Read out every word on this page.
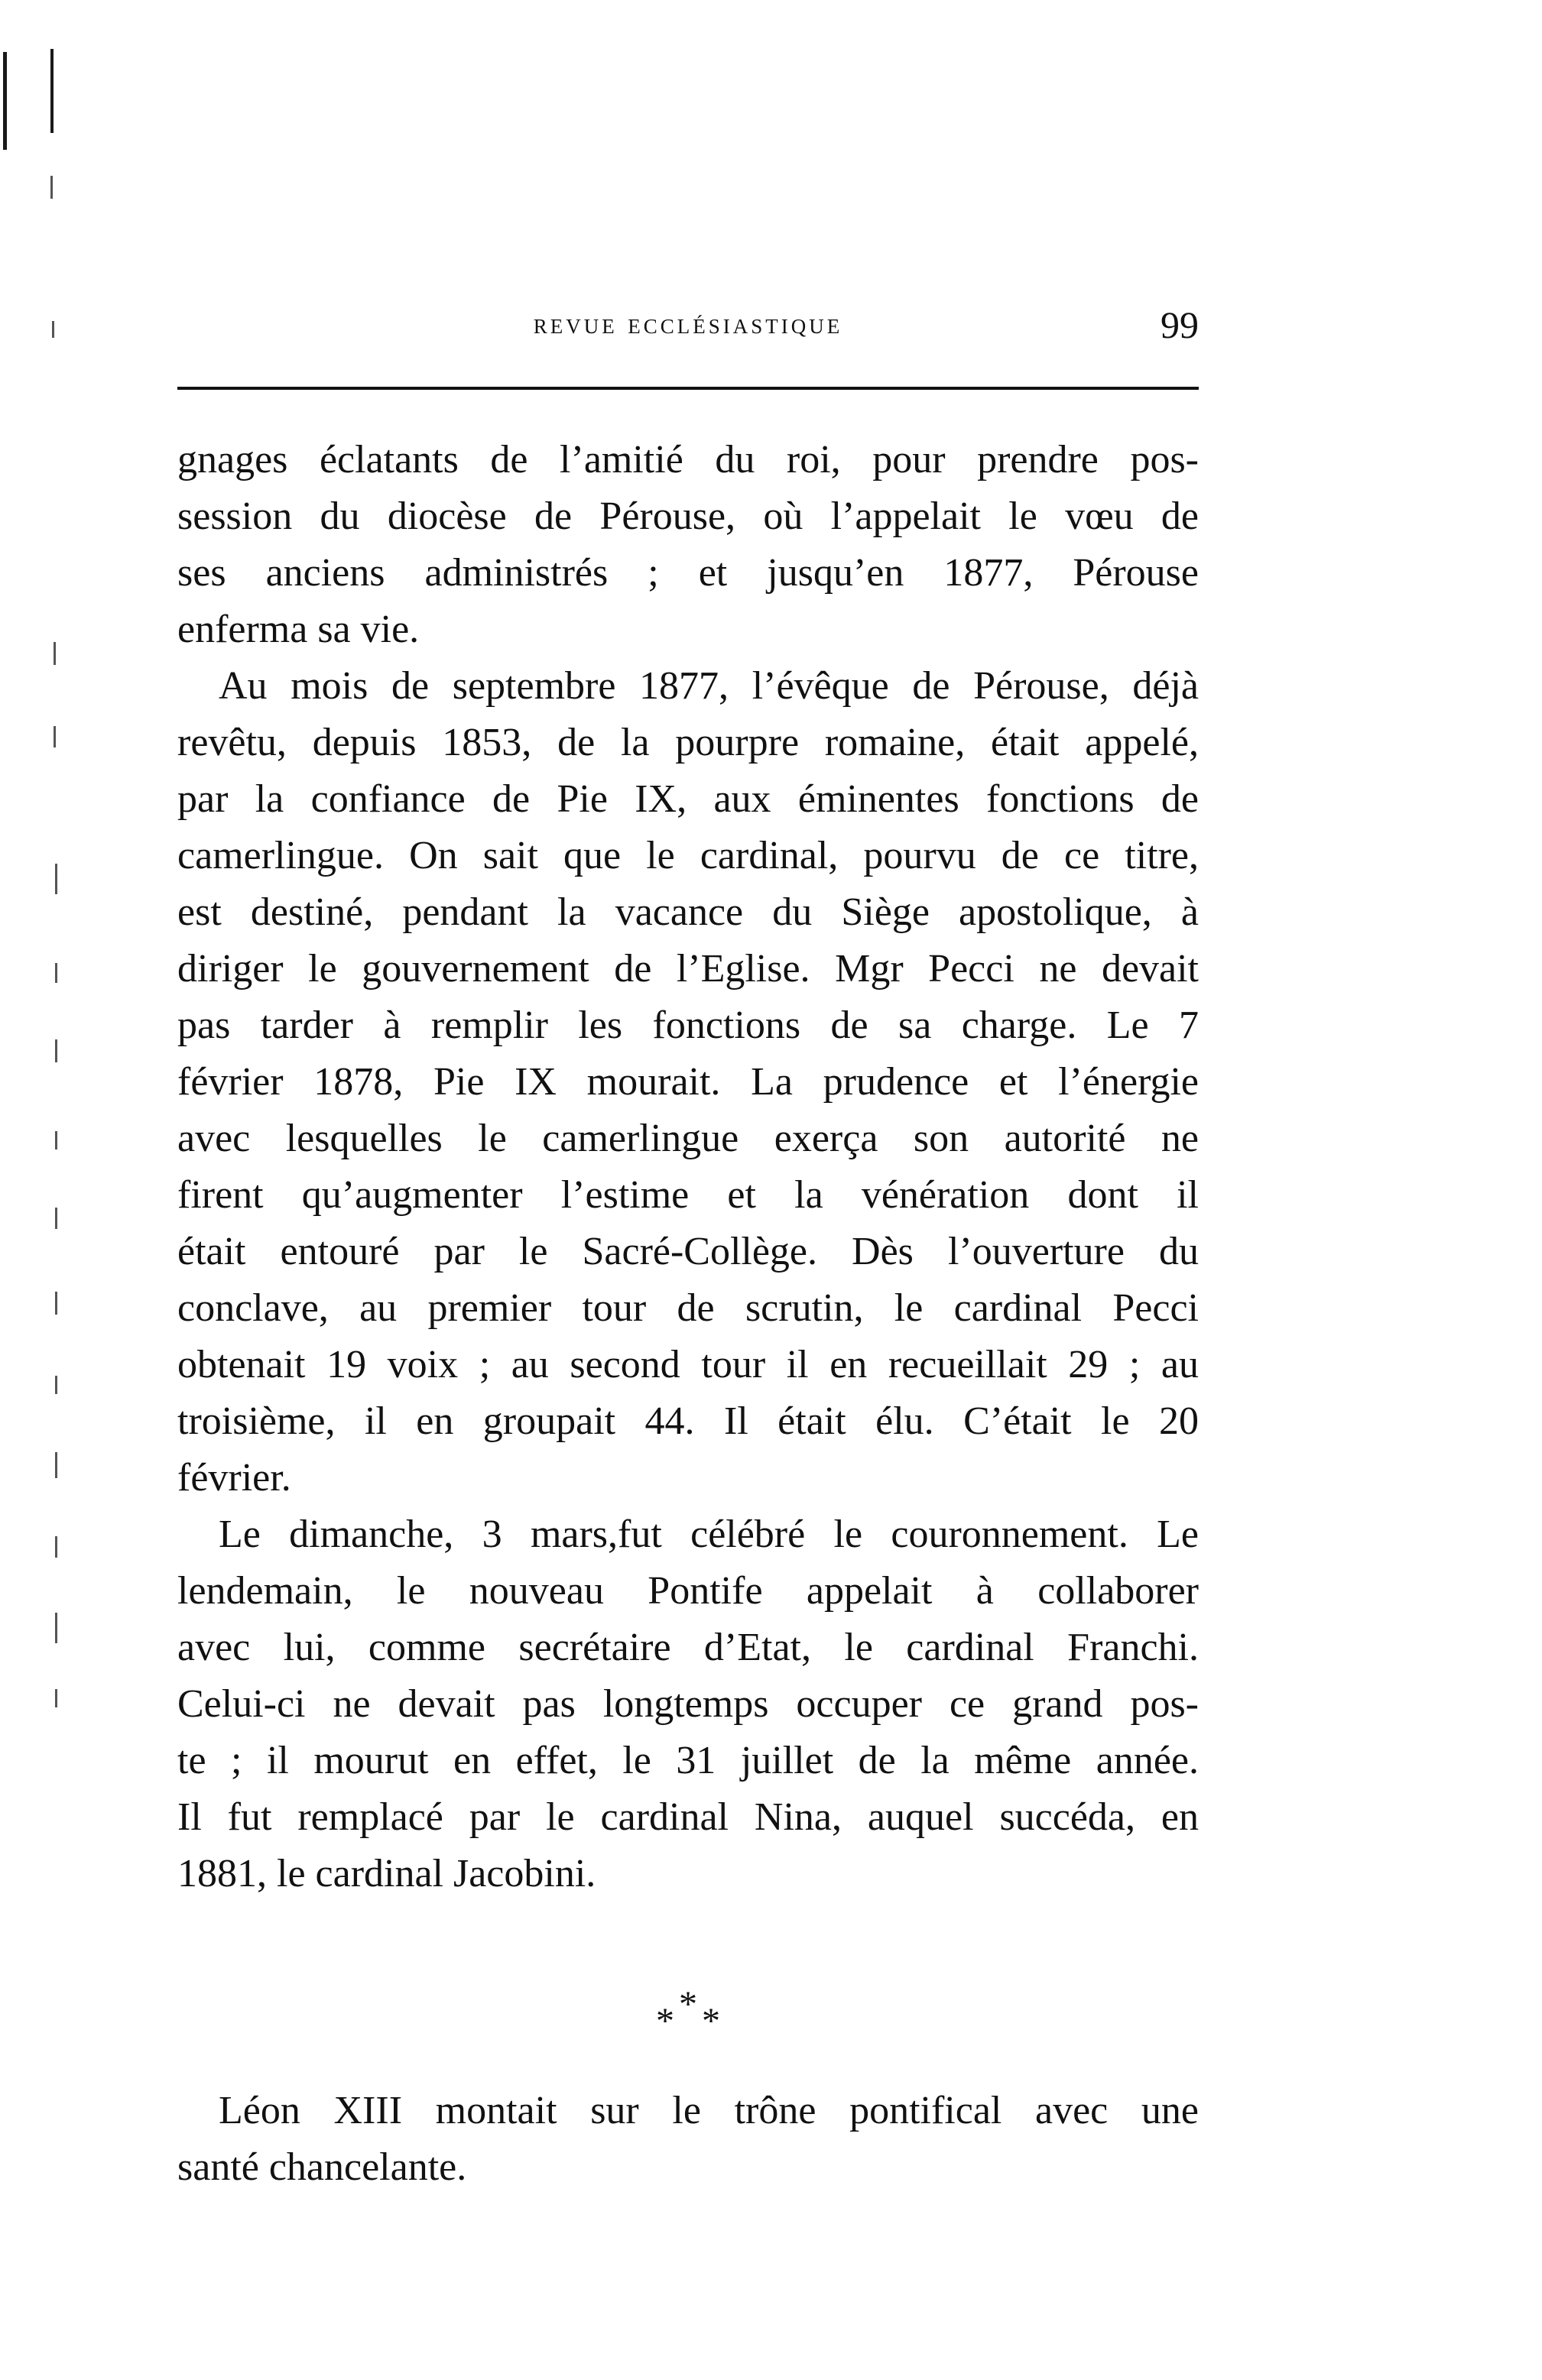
revue ecclésiastique	99
gnages éclatants de l’amitié du roi, pour prendre pos-
session du diocèse de Pérouse, où l’appelait le vœu de
ses anciens administrés ; et jusqu’en 1877, Pérouse
enferma sa vie.
Au mois de septembre 1877, l’évêque de Pérouse, déjà
revêtu, depuis 1853, de la pourpre romaine, était appelé,
par la confiance de Pie IX, aux éminentes fonctions de
camerlingue. On sait que le cardinal, pourvu de ce titre,
est destiné, pendant la vacance du Siège apostolique, à
diriger le gouvernement de l’Eglise. Mgr Pecci ne devait
pas tarder à remplir les fonctions de sa charge. Le 7
février 1878, Pie IX mourait. La prudence et l’énergie
avec lesquelles le camerlingue exerça son autorité ne
firent qu’augmenter l’estime et la vénération dont il
était entouré par le Sacré-Collège. Dès l’ouverture du
conclave, au premier tour de scrutin, le cardinal Pecci
obtenait 19 voix ; au second tour il en recueillait 29 ; au
troisième, il en groupait 44. Il était élu. C’était le 20
février.
Le dimanche, 3 mars,fut célébré le couronnement. Le
lendemain, le nouveau Pontife appelait à collaborer
avec lui, comme secrétaire d’Etat, le cardinal Franchi.
Celui-ci ne devait pas longtemps occuper ce grand pos-
te ; il mourut en effet, le 31 juillet de la même année.
Il fut remplacé par le cardinal Nina, auquel succéda, en
1881, le cardinal Jacobini.
*
* *
Léon XIII montait sur le trône pontifical avec une
santé chancelante.
